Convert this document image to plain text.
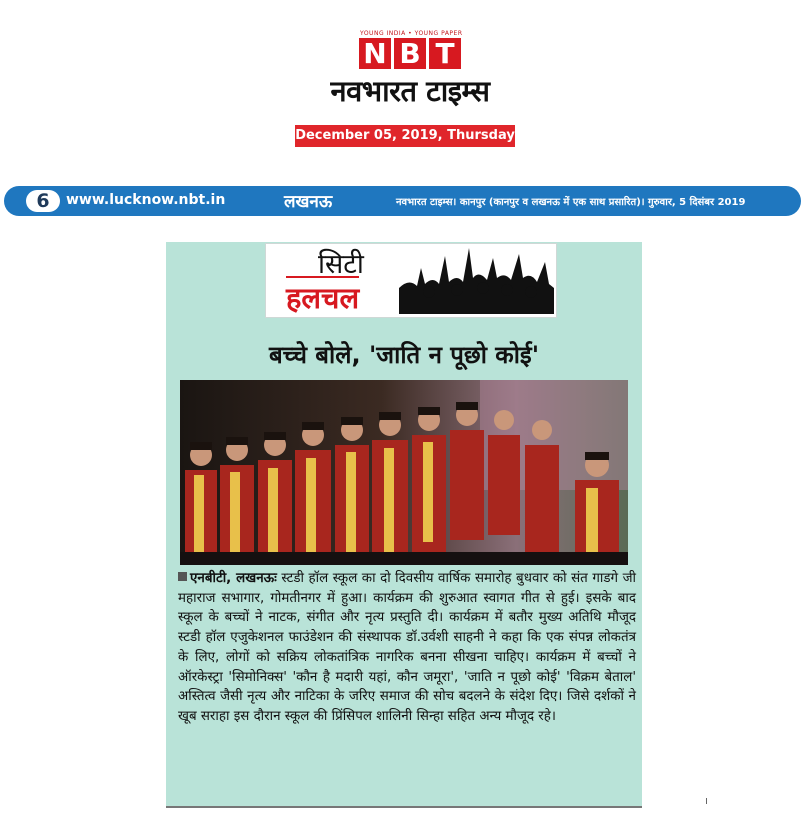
YOUNG INDIA • YOUNG PAPER
N B T
नवभारत टाइम्स
December 05, 2019, Thursday
6	www.lucknow.nbt.in	लखनऊ	नवभारत टाइम्स। कानपुर (कानपुर व लखनऊ में एक साथ प्रसारित)। गुरुवार, 5 दिसंबर 2019
सिटी
हलचल
बच्चे बोले, 'जाति न पूछो कोई'
एनबीटी, लखनऊः स्टडी हॉल स्कूल का दो दिवसीय वार्षिक समारोह बुधवार को संत गाडगे जी महाराज सभागार, गोमतीनगर में हुआ। कार्यक्रम की शुरुआत स्वागत गीत से हुई। इसके बाद स्कूल के बच्चों ने नाटक, संगीत और नृत्य प्रस्तुति दी। कार्यक्रम में बतौर मुख्य अतिथि मौजूद स्टडी हॉल एजुकेशनल फाउंडेशन की संस्थापक डॉ.उर्वशी साहनी ने कहा कि एक संपन्न लोकतंत्र के लिए, लोगों को सक्रिय लोकतांत्रिक नागरिक बनना सीखना चाहिए। कार्यक्रम में बच्चों ने ऑरकेस्ट्रा 'सिमोनिक्स' 'कौन है मदारी यहां, कौन जमूरा', 'जाति न पूछो कोई' 'विक्रम बेताल' अस्तित्व जैसी नृत्य और नाटिका के जरिए समाज की सोच बदलने के संदेश दिए। जिसे दर्शकों ने खूब सराहा इस दौरान स्कूल की प्रिंसिपल शालिनी सिन्हा सहित अन्य मौजूद रहे।
